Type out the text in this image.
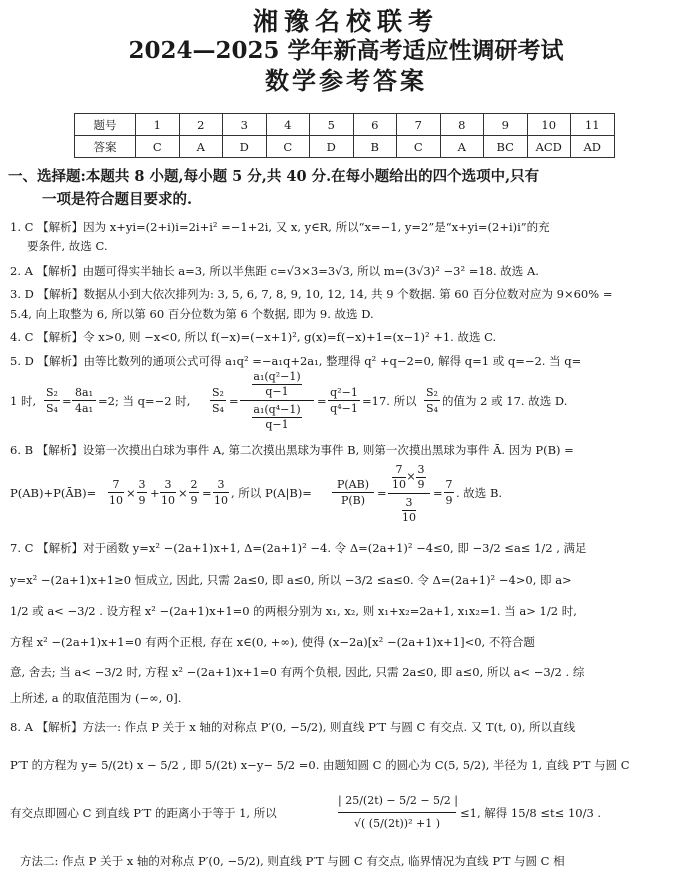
湘豫名校联考
2024—2025 学年新高考适应性调研考试
数学参考答案
题号	1	2	3	4	5	6	7	8	9	10	11
答案	C	A	D	C	D	B	C	A	BC	ACD	AD
一、选择题:本题共 8 小题,每小题 5 分,共 40 分.在每小题给出的四个选项中,只有
一项是符合题目要求的.
1. C 【解析】因为 x+yi=(2+i)i=2i+i² =−1+2i, 又 x, y∈R, 所以“x=−1, y=2”是“x+yi=(2+i)i”的充
要条件, 故选 C.
2. A 【解析】由题可得实半轴长 a=3, 所以半焦距 c=√3×3=3√3, 所以 m=(3√3)² −3² =18. 故选 A.
3. D 【解析】数据从小到大依次排列为: 3, 5, 6, 7, 8, 9, 10, 12, 14, 共 9 个数据. 第 60 百分位数对应为 9×60% =
5.4, 向上取整为 6, 所以第 60 百分位数为第 6 个数据, 即为 9. 故选 D.
4. C 【解析】令 x>0, 则 −x<0, 所以 f(−x)=(−x+1)², g(x)=f(−x)+1=(x−1)² +1. 故选 C.
5. D 【解析】由等比数列的通项公式可得 a₁q² =−a₁q+2a₁, 整理得 q² +q−2=0, 解得 q=1 或 q=−2. 当 q=
1 时,
S₂
S₄
=
8a₁
4a₁
=2; 当 q=−2 时,
S₂
S₄
=
a₁(q²−1)
q−1
a₁(q⁴−1)
q−1
=
q²−1
q⁴−1
=17. 所以
S₂
S₄
的值为 2 或 17. 故选 D.
6. B 【解析】设第一次摸出白球为事件 A, 第二次摸出黑球为事件 B, 则第一次摸出黑球为事件 Ā. 因为 P(B) =
P(AB)+P(ĀB)=
7
10
×
3
9
+
3
10
×
2
9
=
3
10
, 所以 P(A|B)=
P(AB)
P(B)
=
7
10
×
3
9
3
10
=
7
9
. 故选 B.
7. C 【解析】对于函数 y=x² −(2a+1)x+1, Δ=(2a+1)² −4. 令 Δ=(2a+1)² −4≤0, 即 −3/2 ≤a≤ 1/2 , 满足
y=x² −(2a+1)x+1≥0 恒成立, 因此, 只需 2a≤0, 即 a≤0, 所以 −3/2 ≤a≤0. 令 Δ=(2a+1)² −4>0, 即 a>
1/2 或 a< −3/2 . 设方程 x² −(2a+1)x+1=0 的两根分别为 x₁, x₂, 则 x₁+x₂=2a+1, x₁x₂=1. 当 a> 1/2 时,
方程 x² −(2a+1)x+1=0 有两个正根, 存在 x∈(0, +∞), 使得 (x−2a)[x² −(2a+1)x+1]<0, 不符合题
意, 舍去; 当 a< −3/2 时, 方程 x² −(2a+1)x+1=0 有两个负根, 因此, 只需 2a≤0, 即 a≤0, 所以 a< −3/2 . 综
上所述, a 的取值范围为 (−∞, 0].
8. A 【解析】方法一: 作点 P 关于 x 轴的对称点 P′(0, −5/2), 则直线 P′T 与圆 C 有交点. 又 T(t, 0), 所以直线
P′T 的方程为 y= 5/(2t) x − 5/2 , 即 5/(2t) x−y− 5/2 =0. 由题知圆 C 的圆心为 C(5, 5/2), 半径为 1, 直线 P′T 与圆 C
有交点即圆心 C 到直线 P′T 的距离小于等于 1, 所以
| 25/(2t) − 5/2 − 5/2 |
√( (5/(2t))² +1 )
≤1, 解得 15/8 ≤t≤ 10/3 .
方法二: 作点 P 关于 x 轴的对称点 P′(0, −5/2), 则直线 P′T 与圆 C 有交点, 临界情况为直线 P′T 与圆 C 相
